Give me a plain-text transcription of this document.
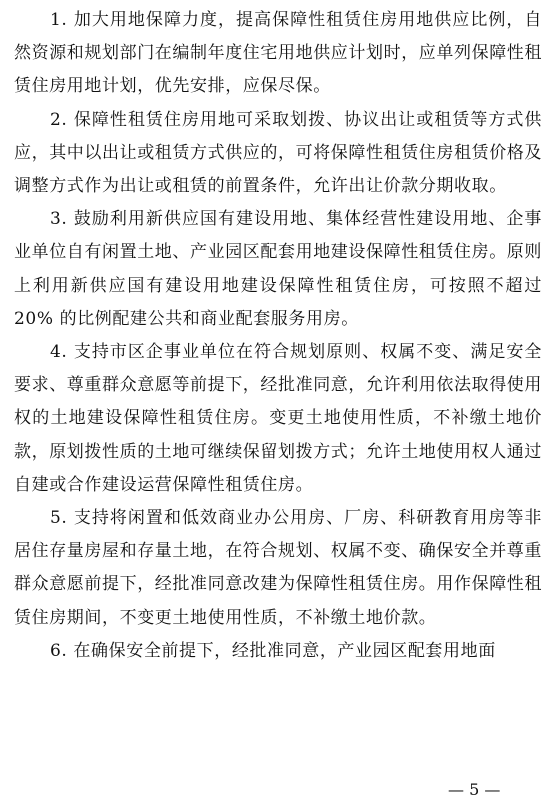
1. 加大用地保障力度，提高保障性租赁住房用地供应比例，自然资源和规划部门在编制年度住宅用地供应计划时，应单列保障性租赁住房用地计划，优先安排，应保尽保。

2. 保障性租赁住房用地可采取划拨、协议出让或租赁等方式供应，其中以出让或租赁方式供应的，可将保障性租赁住房租赁价格及调整方式作为出让或租赁的前置条件，允许出让价款分期收取。

3. 鼓励利用新供应国有建设用地、集体经营性建设用地、企事业单位自有闲置土地、产业园区配套用地建设保障性租赁住房。原则上利用新供应国有建设用地建设保障性租赁住房，可按照不超过 20% 的比例配建公共和商业配套服务用房。

4. 支持市区企事业单位在符合规划原则、权属不变、满足安全要求、尊重群众意愿等前提下，经批准同意，允许利用依法取得使用权的土地建设保障性租赁住房。变更土地使用性质，不补缴土地价款，原划拨性质的土地可继续保留划拨方式；允许土地使用权人通过自建或合作建设运营保障性租赁住房。

5. 支持将闲置和低效商业办公用房、厂房、科研教育用房等非居住存量房屋和存量土地，在符合规划、权属不变、确保安全并尊重群众意愿前提下，经批准同意改建为保障性租赁住房。用作保障性租赁住房期间，不变更土地使用性质，不补缴土地价款。

6. 在确保安全前提下，经批准同意，产业园区配套用地面

— 5 —
